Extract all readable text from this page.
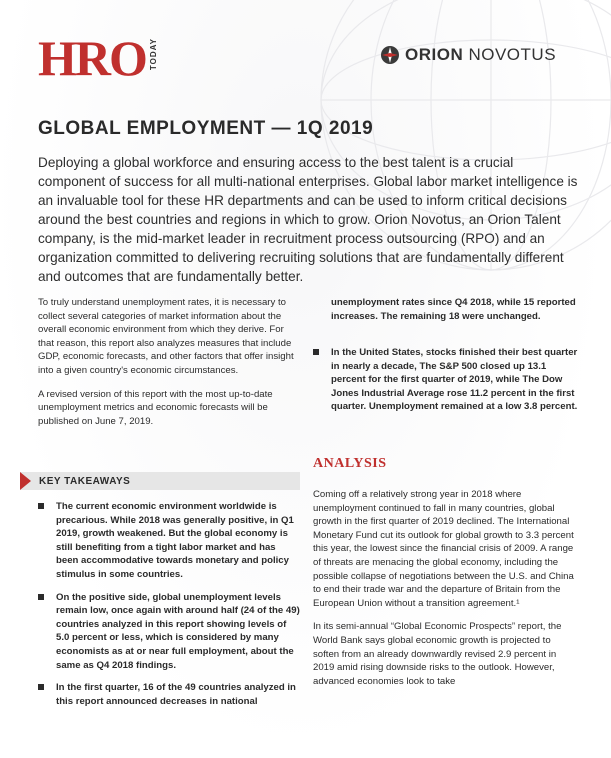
HRO TODAY	ORION NOVOTUS
GLOBAL EMPLOYMENT — 1Q 2019

Deploying a global workforce and ensuring access to the best talent is a crucial component of success for all multi-national enterprises. Global labor market intelligence is an invaluable tool for these HR departments and can be used to inform critical decisions around the best countries and regions in which to grow. Orion Novotus, an Orion Talent company, is the mid-market leader in recruitment process outsourcing (RPO) and an organization committed to delivering recruiting solutions that are fundamentally different and outcomes that are fundamentally better.

To truly understand unemployment rates, it is necessary to collect several categories of market information about the overall economic environment from which they derive. For that reason, this report also analyzes measures that include GDP, economic forecasts, and other factors that offer insight into a given country's economic circumstances.

A revised version of this report with the most up-to-date unemployment metrics and economic forecasts will be published on June 7, 2019.

KEY TAKEAWAYS
The current economic environment worldwide is precarious. While 2018 was generally positive, in Q1 2019, growth weakened. But the global economy is still benefiting from a tight labor market and has been accommodative towards monetary and policy stimulus in some countries.
On the positive side, global unemployment levels remain low, once again with around half (24 of the 49) countries analyzed in this report showing levels of 5.0 percent or less, which is considered by many economists as at or near full employment, about the same as Q4 2018 findings.
In the first quarter, 16 of the 49 countries analyzed in this report announced decreases in national

unemployment rates since Q4 2018, while 15 reported increases. The remaining 18 were unchanged.

In the United States, stocks finished their best quarter in nearly a decade, The S&P 500 closed up 13.1 percent for the first quarter of 2019, while The Dow Jones Industrial Average rose 11.2 percent in the first quarter. Unemployment remained at a low 3.8 percent.
ANALYSIS

Coming off a relatively strong year in 2018 where unemployment continued to fall in many countries, global growth in the first quarter of 2019 declined. The International Monetary Fund cut its outlook for global growth to 3.3 percent this year, the lowest since the financial crisis of 2009. A range of threats are menacing the global economy, including the possible collapse of negotiations between the U.S. and China to end their trade war and the departure of Britain from the European Union without a transition agreement.¹

In its semi-annual “Global Economic Prospects” report, the World Bank says global economic growth is projected to soften from an already downwardly revised 2.9 percent in 2019 amid rising downside risks to the outlook. However, advanced economies look to take
